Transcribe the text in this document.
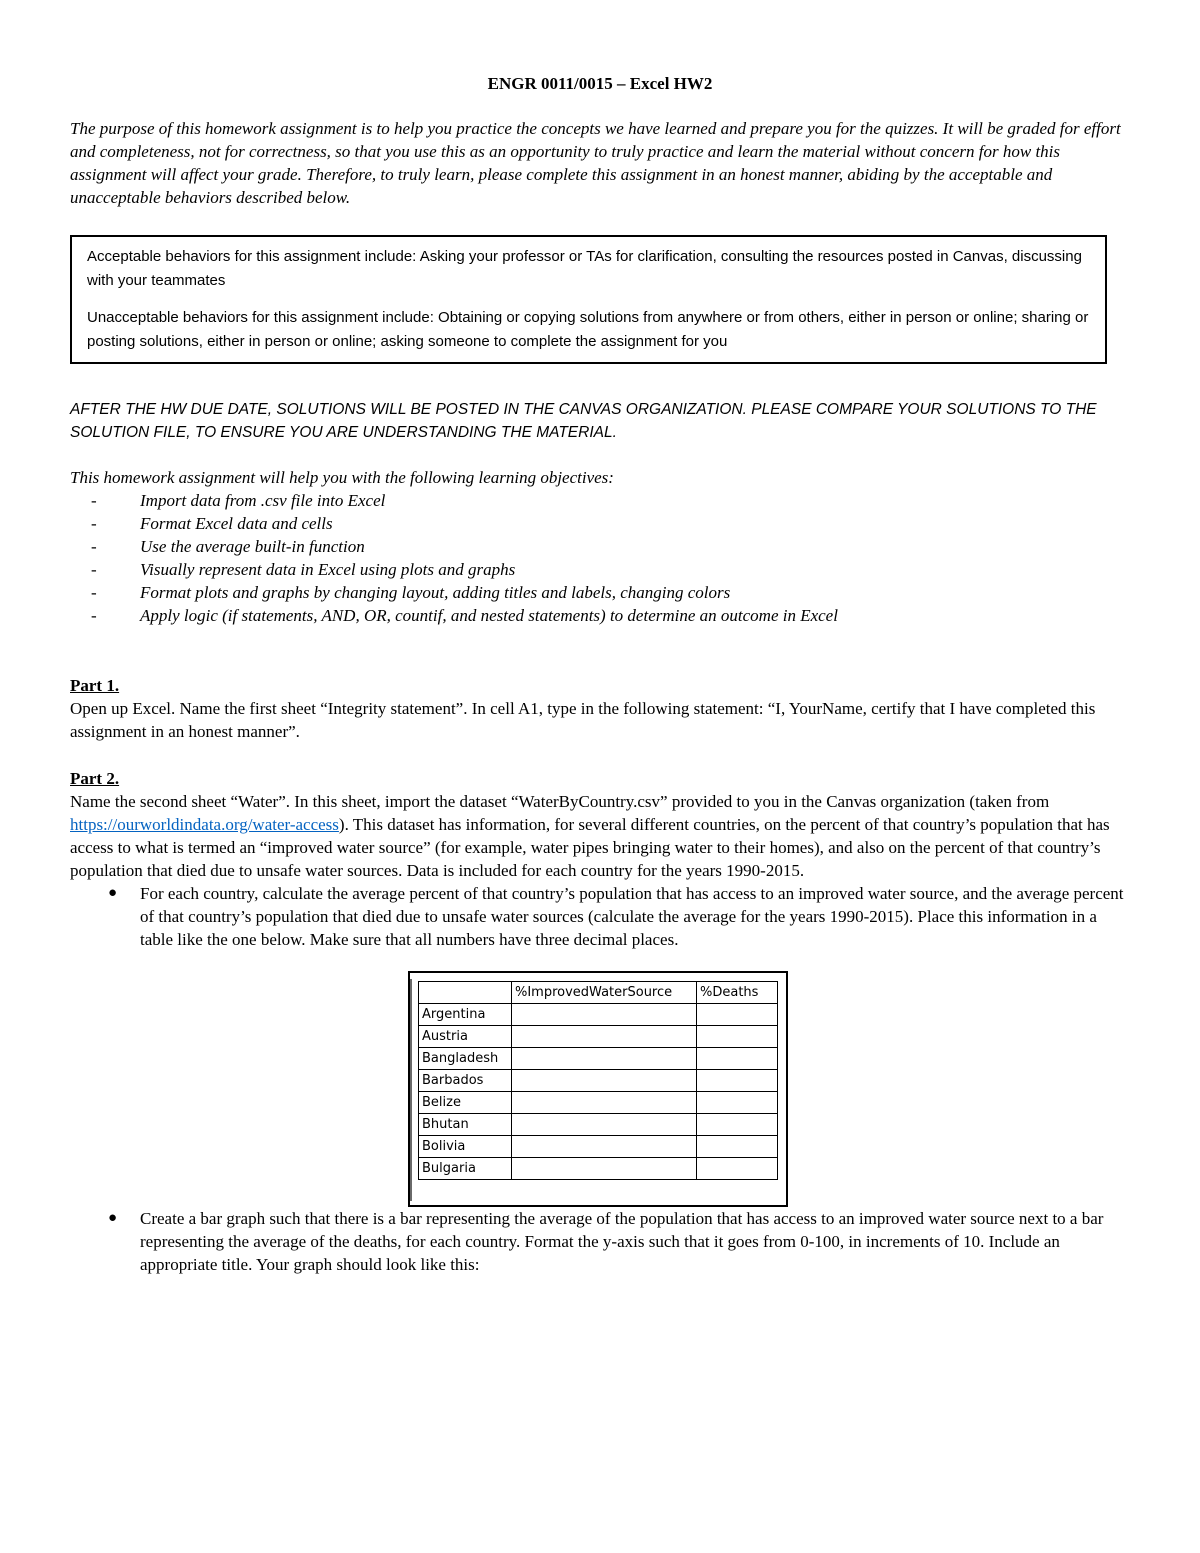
ENGR 0011/0015 – Excel HW2

The purpose of this homework assignment is to help you practice the concepts we have learned and prepare you for the quizzes. It will be graded for effort and completeness, not for correctness, so that you use this as an opportunity to truly practice and learn the material without concern for how this assignment will affect your grade. Therefore, to truly learn, please complete this assignment in an honest manner, abiding by the acceptable and unacceptable behaviors described below.

Acceptable behaviors for this assignment include: Asking your professor or TAs for clarification, consulting the resources posted in Canvas, discussing with your teammates

Unacceptable behaviors for this assignment include: Obtaining or copying solutions from anywhere or from others, either in person or online; sharing or posting solutions, either in person or online; asking someone to complete the assignment for you

AFTER THE HW DUE DATE, SOLUTIONS WILL BE POSTED IN THE CANVAS ORGANIZATION. PLEASE COMPARE YOUR SOLUTIONS TO THE SOLUTION FILE, TO ENSURE YOU ARE UNDERSTANDING THE MATERIAL.
This homework assignment will help you with the following learning objectives:
-	Import data from .csv file into Excel
-	Format Excel data and cells
-	Use the average built-in function
-	Visually represent data in Excel using plots and graphs
-	Format plots and graphs by changing layout, adding titles and labels, changing colors
-	Apply logic (if statements, AND, OR, countif, and nested statements) to determine an outcome in Excel
Part 1.

Open up Excel. Name the first sheet “Integrity statement”. In cell A1, type in the following statement: “I, YourName, certify that I have completed this assignment in an honest manner”.

Part 2.

Name the second sheet “Water”. In this sheet, import the dataset “WaterByCountry.csv” provided to you in the Canvas organization (taken from https://ourworldindata.org/water-access). This dataset has information, for several different countries, on the percent of that country’s population that has access to what is termed an “improved water source” (for example, water pipes bringing water to their homes), and also on the percent of that country’s population that died due to unsafe water sources. Data is included for each country for the years 1990-2015.

● For each country, calculate the average percent of that country’s population that has access to an improved water source, and the average percent of that country’s population that died due to unsafe water sources (calculate the average for the years 1990-2015). Place this information in a table like the one below. Make sure that all numbers have three decimal places.
	%ImprovedWaterSource	%Deaths
Argentina		
Austria		
Bangladesh		
Barbados		
Belize		
Bhutan		
Bolivia		
Bulgaria		
● Create a bar graph such that there is a bar representing the average of the population that has access to an improved water source next to a bar representing the average of the deaths, for each country. Format the y-axis such that it goes from 0-100, in increments of 10. Include an appropriate title. Your graph should look like this:
